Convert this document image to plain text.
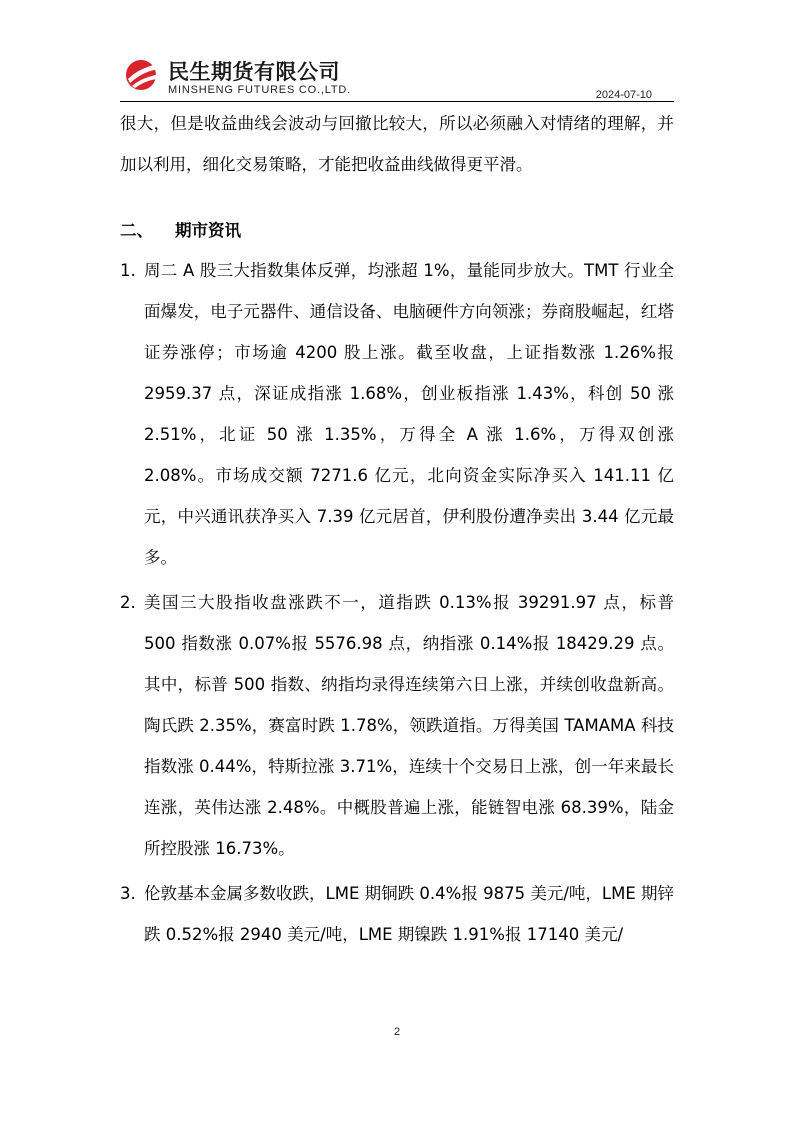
民生期货有限公司
MINSHENG FUTURES CO.,LTD.	2024-07-10

很大，但是收益曲线会波动与回撤比较大，所以必须融入对情绪的理解，并加以利用，细化交易策略，才能把收益曲线做得更平滑。

二、 期市资讯
1. 周二 A 股三大指数集体反弹，均涨超 1%，量能同步放大。TMT 行业全面爆发，电子元器件、通信设备、电脑硬件方向领涨；券商股崛起，红塔证券涨停；市场逾 4200 股上涨。截至收盘，上证指数涨 1.26%报 2959.37 点，深证成指涨 1.68%，创业板指涨 1.43%，科创 50 涨 2.51%，北证 50 涨 1.35%，万得全 A 涨 1.6%，万得双创涨 2.08%。市场成交额 7271.6 亿元，北向资金实际净买入 141.11 亿元，中兴通讯获净买入 7.39 亿元居首，伊利股份遭净卖出 3.44 亿元最多。
2. 美国三大股指收盘涨跌不一，道指跌 0.13%报 39291.97 点，标普 500 指数涨 0.07%报 5576.98 点，纳指涨 0.14%报 18429.29 点。其中，标普 500 指数、纳指均录得连续第六日上涨，并续创收盘新高。陶氏跌 2.35%，赛富时跌 1.78%，领跌道指。万得美国 TAMAMA 科技指数涨 0.44%，特斯拉涨 3.71%，连续十个交易日上涨，创一年来最长连涨，英伟达涨 2.48%。中概股普遍上涨，能链智电涨 68.39%，陆金所控股涨 16.73%。
3. 伦敦基本金属多数收跌，LME 期铜跌 0.4%报 9875 美元/吨，LME 期锌跌 0.52%报 2940 美元/吨，LME 期镍跌 1.91%报 17140 美元/
2
